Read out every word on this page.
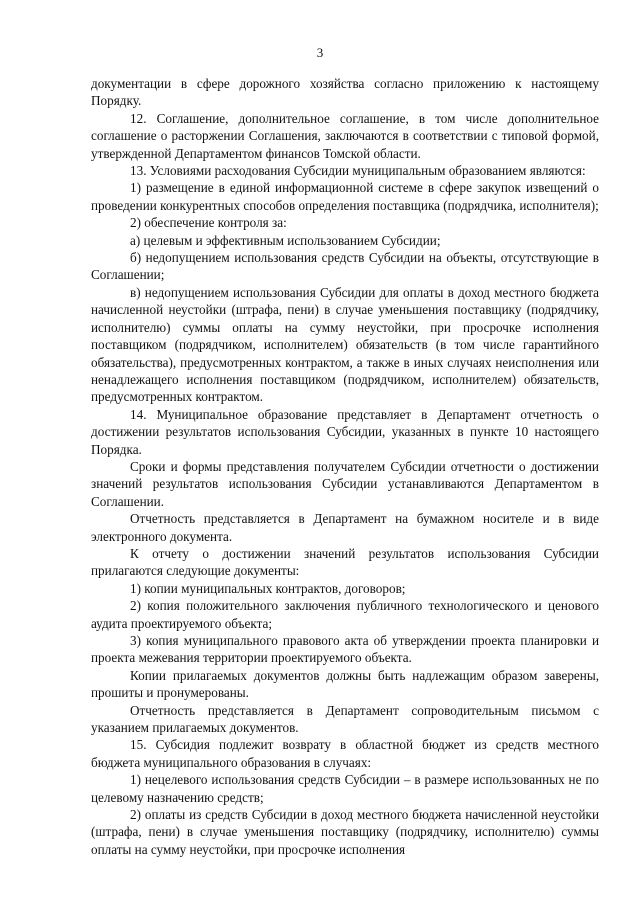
3

документации в сфере дорожного хозяйства согласно приложению к настоящему Порядку.

12. Соглашение, дополнительное соглашение, в том числе дополнительное соглашение о расторжении Соглашения, заключаются в соответствии с типовой формой, утвержденной Департаментом финансов Томской области.

13. Условиями расходования Субсидии муниципальным образованием являются:

1) размещение в единой информационной системе в сфере закупок извещений о проведении конкурентных способов определения поставщика (подрядчика, исполнителя);

2) обеспечение контроля за:

а) целевым и эффективным использованием Субсидии;

б) недопущением использования средств Субсидии на объекты, отсутствующие в Соглашении;

в) недопущением использования Субсидии для оплаты в доход местного бюджета начисленной неустойки (штрафа, пени) в случае уменьшения поставщику (подрядчику, исполнителю) суммы оплаты на сумму неустойки, при просрочке исполнения поставщиком (подрядчиком, исполнителем) обязательств (в том числе гарантийного обязательства), предусмотренных контрактом, а также в иных случаях неисполнения или ненадлежащего исполнения поставщиком (подрядчиком, исполнителем) обязательств, предусмотренных контрактом.

14. Муниципальное образование представляет в Департамент отчетность о достижении результатов использования Субсидии, указанных в пункте 10 настоящего Порядка.

Сроки и формы представления получателем Субсидии отчетности о достижении значений результатов использования Субсидии устанавливаются Департаментом в Соглашении.

Отчетность представляется в Департамент на бумажном носителе и в виде электронного документа.

К отчету о достижении значений результатов использования Субсидии прилагаются следующие документы:

1) копии муниципальных контрактов, договоров;

2) копия положительного заключения публичного технологического и ценового аудита проектируемого объекта;

3) копия муниципального правового акта об утверждении проекта планировки и проекта межевания территории проектируемого объекта.

Копии прилагаемых документов должны быть надлежащим образом заверены, прошиты и пронумерованы.

Отчетность представляется в Департамент сопроводительным письмом с указанием прилагаемых документов.

15. Субсидия подлежит возврату в областной бюджет из средств местного бюджета муниципального образования в случаях:

1) нецелевого использования средств Субсидии – в размере использованных не по целевому назначению средств;

2) оплаты из средств Субсидии в доход местного бюджета начисленной неустойки (штрафа, пени) в случае уменьшения поставщику (подрядчику, исполнителю) суммы оплаты на сумму неустойки, при просрочке исполнения
